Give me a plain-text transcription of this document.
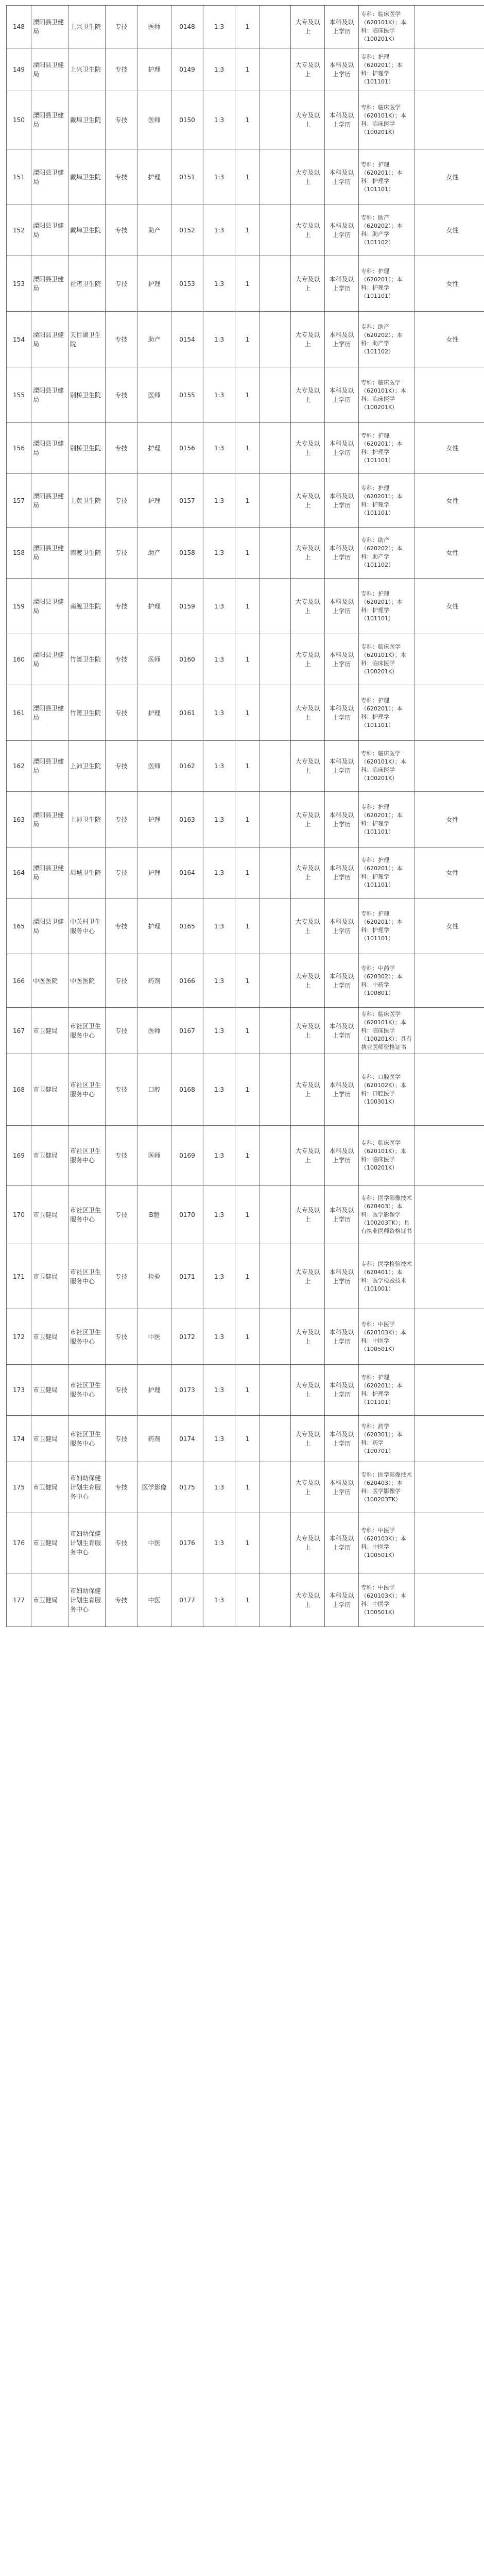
148	溧阳县卫健局	上兴卫生院	专技	医师	0148	1:3	1		大专及以上	本科及以上学历	专科：临床医学（620101K）；本科：临床医学（100201K）	
149	溧阳县卫健局	上兴卫生院	专技	护理	0149	1:3	1		大专及以上	本科及以上学历	专科：护理（620201）；本科：护理学（101101）	
150	溧阳县卫健局	戴埠卫生院	专技	医师	0150	1:3	1		大专及以上	本科及以上学历	专科：临床医学（620101K）；本科：临床医学（100201K）	
151	溧阳县卫健局	戴埠卫生院	专技	护理	0151	1:3	1		大专及以上	本科及以上学历	专科：护理（620201）；本科：护理学（101101）	女性
152	溧阳县卫健局	戴埠卫生院	专技	助产	0152	1:3	1		大专及以上	本科及以上学历	专科：助产（620202）；本科：助产学（101102）	女性
153	溧阳县卫健局	社渚卫生院	专技	护理	0153	1:3	1		大专及以上	本科及以上学历	专科：护理（620201）；本科：护理学（101101）	女性
154	溧阳县卫健局	天目湖卫生院	专技	助产	0154	1:3	1		大专及以上	本科及以上学历	专科：助产（620202）；本科：助产学（101102）	女性
155	溧阳县卫健局	别桥卫生院	专技	医师	0155	1:3	1		大专及以上	本科及以上学历	专科：临床医学（620101K）；本科：临床医学（100201K）	
156	溧阳县卫健局	别桥卫生院	专技	护理	0156	1:3	1		大专及以上	本科及以上学历	专科：护理（620201）；本科：护理学（101101）	女性
157	溧阳县卫健局	上黄卫生院	专技	护理	0157	1:3	1		大专及以上	本科及以上学历	专科：护理（620201）；本科：护理学（101101）	女性
158	溧阳县卫健局	南渡卫生院	专技	助产	0158	1:3	1		大专及以上	本科及以上学历	专科：助产（620202）；本科：助产学（101102）	女性
159	溧阳县卫健局	南渡卫生院	专技	护理	0159	1:3	1		大专及以上	本科及以上学历	专科：护理（620201）；本科：护理学（101101）	女性
160	溧阳县卫健局	竹箦卫生院	专技	医师	0160	1:3	1		大专及以上	本科及以上学历	专科：临床医学（620101K）；本科：临床医学（100201K）	
161	溧阳县卫健局	竹箦卫生院	专技	护理	0161	1:3	1		大专及以上	本科及以上学历	专科：护理（620201）；本科：护理学（101101）	
162	溧阳县卫健局	上沛卫生院	专技	医师	0162	1:3	1		大专及以上	本科及以上学历	专科：临床医学（620101K）；本科：临床医学（100201K）	
163	溧阳县卫健局	上沛卫生院	专技	护理	0163	1:3	1		大专及以上	本科及以上学历	专科：护理（620201）；本科：护理学（101101）	女性
164	溧阳县卫健局	周城卫生院	专技	护理	0164	1:3	1		大专及以上	本科及以上学历	专科：护理（620201）；本科：护理学（101101）	女性
165	溧阳县卫健局	中关村卫生服务中心	专技	护理	0165	1:3	1		大专及以上	本科及以上学历	专科：护理（620201）；本科：护理学（101101）	女性
166	中医医院	中医医院	专技	药剂	0166	1:3	1		大专及以上	本科及以上学历	专科：中药学（620302）；本科：中药学（100801）	
167	市卫健局	市社区卫生服务中心	专技	医师	0167	1:3	1		大专及以上	本科及以上学历	专科：临床医学（620101K）；本科：临床医学（100201K）；具有执业医师资格证书	
168	市卫健局	市社区卫生服务中心	专技	口腔	0168	1:3	1		大专及以上	本科及以上学历	专科：口腔医学（620102K）；本科：口腔医学（100301K）	
169	市卫健局	市社区卫生服务中心	专技	医师	0169	1:3	1		大专及以上	本科及以上学历	专科：临床医学（620101K）；本科：临床医学（100201K）	
170	市卫健局	市社区卫生服务中心	专技	B超	0170	1:3	1		大专及以上	本科及以上学历	专科：医学影像技术（620403）；本科：医学影像学（100203TK）；具有执业医师资格证书	
171	市卫健局	市社区卫生服务中心	专技	检验	0171	1:3	1		大专及以上	本科及以上学历	专科：医学检验技术（620401）；本科：医学检验技术（101001）	
172	市卫健局	市社区卫生服务中心	专技	中医	0172	1:3	1		大专及以上	本科及以上学历	专科：中医学（620103K）；本科：中医学（100501K）	
173	市卫健局	市社区卫生服务中心	专技	护理	0173	1:3	1		大专及以上	本科及以上学历	专科：护理（620201）；本科：护理学（101101）	
174	市卫健局	市社区卫生服务中心	专技	药剂	0174	1:3	1		大专及以上	本科及以上学历	专科：药学（620301）；本科：药学（100701）	
175	市卫健局	市妇幼保健计划生育服务中心	专技	医学影像	0175	1:3	1		大专及以上	本科及以上学历	专科：医学影像技术（620403）；本科：医学影像学（100203TK）	
176	市卫健局	市妇幼保健计划生育服务中心	专技	中医	0176	1:3	1		大专及以上	本科及以上学历	专科：中医学（620103K）；本科：中医学（100501K）	
177	市卫健局	市妇幼保健计划生育服务中心	专技	中医	0177	1:3	1		大专及以上	本科及以上学历	专科：中医学（620103K）；本科：中医学（100501K）	
